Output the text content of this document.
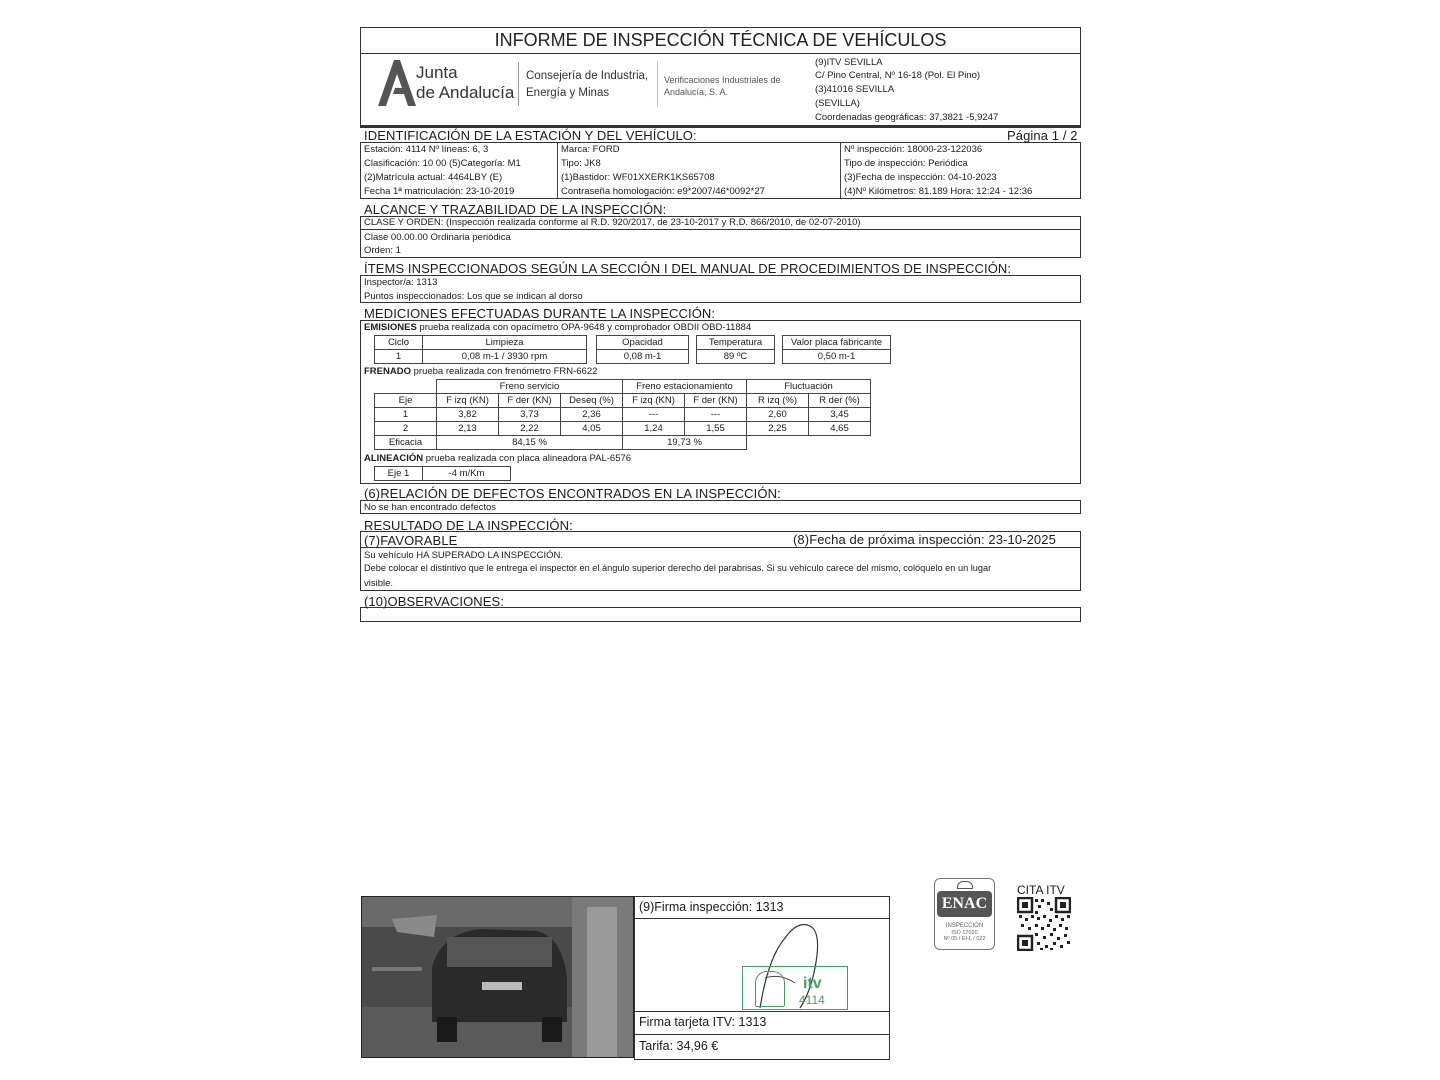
INFORME DE INSPECCIÓN TÉCNICA DE VEHÍCULOS
Junta
de Andalucía
Consejería de Industria,
Energía y Minas
Verificaciones Industriales de
Andalucía, S. A.
(9)ITV SEVILLA
C/ Pino Central, Nº 16-18 (Pol. El Pino)
(3)41016 SEVILLA
(SEVILLA)
Coordenadas geográficas: 37,3821 -5,9247
IDENTIFICACIÓN DE LA ESTACIÓN Y DEL VEHÍCULO:	Página 1 / 2
Estación: 4114 Nº líneas: 6, 3
Clasificación: 10 00 (5)Categoría: M1
(2)Matrícula actual: 4464LBY (E)
Fecha 1ª matriculación: 23-10-2019
Marca: FORD
Tipo: JK8
(1)Bastidor: WF01XXERK1KS65708
Contraseña homologación: e9*2007/46*0092*27
Nº inspección: 18000-23-122036
Tipo de inspección: Periódica
(3)Fecha de inspección: 04-10-2023
(4)Nº Kilómetros: 81.189 Hora: 12:24 - 12:36
ALCANCE Y TRAZABILIDAD DE LA INSPECCIÓN:
CLASE Y ORDEN: (Inspección realizada conforme al R.D. 920/2017, de 23-10-2017 y R.D. 866/2010, de 02-07-2010)
Clase 00.00.00 Ordinaria periódica
Orden: 1
ÍTEMS INSPECCIONADOS SEGÚN LA SECCIÓN I DEL MANUAL DE PROCEDIMIENTOS DE INSPECCIÓN:
Inspector/a: 1313
Puntos inspeccionados: Los que se indican al dorso
MEDICIONES EFECTUADAS DURANTE LA INSPECCIÓN:
EMISIONES prueba realizada con opacímetro OPA-9648 y comprobador OBDII OBD-11884
Ciclo	Limpieza
1	0,08 m-1 / 3930 rpm
Opacidad
0,08 m-1
Temperatura
89 ºC
Valor placa fabricante
0,50 m-1
FRENADO prueba realizada con frenómetro FRN-6622
	Freno servicio			Freno estacionamiento		Fluctuación	
Eje	F izq (KN)	F der (KN)	Deseq (%)	F izq (KN)	F der (KN)	R izq (%)	R der (%)
1	3,82	3,73	2,36	---	---	2,60	3,45
2	2,13	2,22	4,05	1,24	1,55	2,25	4,65
Eficacia	84,15 %			19,73 %			
ALINEACIÓN prueba realizada con placa alineadora PAL-6576
Eje 1	-4 m/Km
(6)RELACIÓN DE DEFECTOS ENCONTRADOS EN LA INSPECCIÓN:
No se han encontrado defectos
RESULTADO DE LA INSPECCIÓN:
(7)FAVORABLE	(8)Fecha de próxima inspección: 23-10-2025
Su vehículo HA SUPERADO LA INSPECCIÓN.
Debe colocar el distintivo que le entrega el inspector en el ángulo superior derecho del parabrisas. Si su vehículo carece del mismo, colóquelo en un lugar
visible.
(10)OBSERVACIONES:
(9)Firma inspección: 1313
Firma tarjeta ITV: 1313
Tarifa: 34,96 €
itv
4114
ENAC
INSPECCIÓN
ISO 17020
Nº 05 / EI-L / 022
CITA ITV
